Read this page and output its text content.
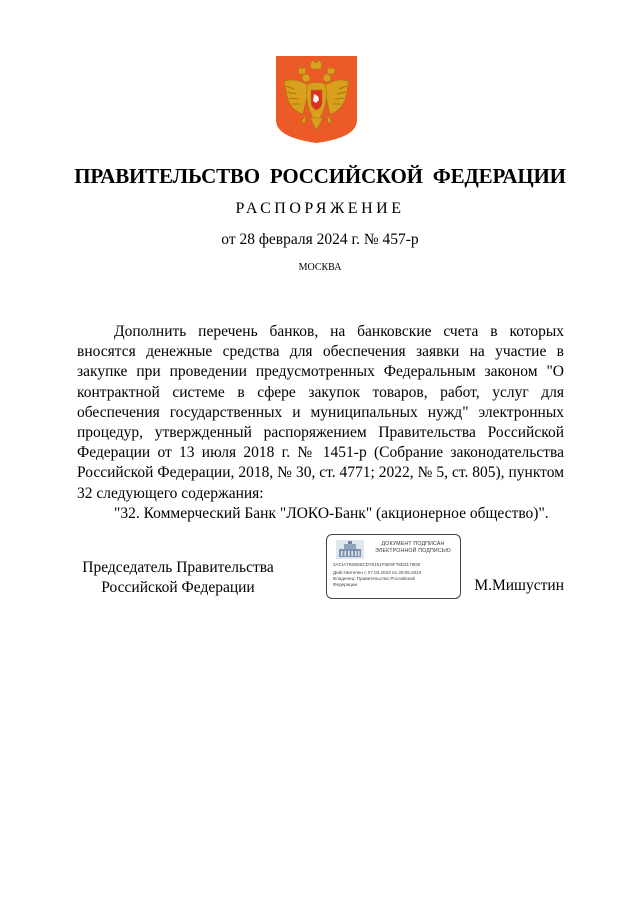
ПРАВИТЕЛЬСТВО РОССИЙСКОЙ ФЕДЕРАЦИИ
РАСПОРЯЖЕНИЕ
от 28 февраля 2024 г. № 457-р
МОСКВА

Дополнить перечень банков, на банковские счета в которых вносятся денежные средства для обеспечения заявки на участие в закупке при проведении предусмотренных Федеральным законом "О контрактной системе в сфере закупок товаров, работ, услуг для обеспечения государственных и муниципальных нужд" электронных процедур, утвержденный распоряжением Правительства Российской Федерации от 13 июля 2018 г. № 1451-р (Собрание законодательства Российской Федерации, 2018, № 30, ст. 4771; 2022, № 5, ст. 805), пунктом 32 следующего содержания:

"32. Коммерческий Банк "ЛОКО-Банк" (акционерное общество)".

Председатель Правительства
Российской Федерации
ДОКУМЕНТ ПОДПИСАН
ЭЛЕКТРОННОЙ ПОДПИСЬЮ
2ACIA7929D5CD78161F0E9F78D3178DE
Действителен с 07.03.2023 по 30.05.2024
Владелец: Правительство Российской
Федерации	М.Мишустин
